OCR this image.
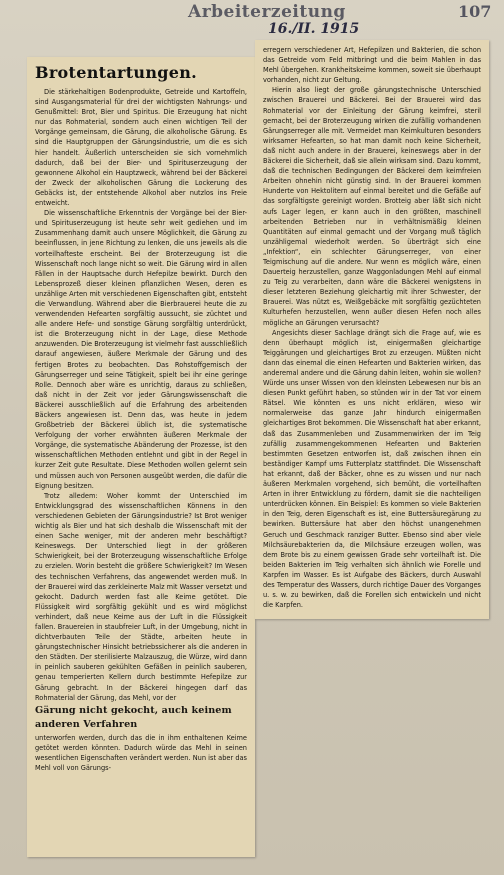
Arbeiterzeitung	107
16./II. 1915
Brotentartungen.

Die stärkehaltigen Bodenprodukte, Getreide und Kartoffeln, sind Ausgangsmaterial für drei der wichtigsten Nahrungs- und Genußmittel: Brot, Bier und Spiritus. Die Erzeugung hat nicht nur das Rohmaterial, sondern auch einen wichtigen Teil der Vorgänge gemeinsam, die Gärung, die alkoholische Gärung. Es sind die Hauptgruppen der Gärungsindustrie, um die es sich hier handelt. Äußerlich unterscheiden sie sich vornehmlich dadurch, daß bei der Bier- und Spirituserzeugung der gewonnene Alkohol ein Hauptzweck, während bei der Bäckerei der Zweck der alkoholischen Gärung die Lockerung des Gebäcks ist, der entstehende Alkohol aber nutzlos ins Freie entweicht.

Die wissenschaftliche Erkenntnis der Vorgänge bei der Bier- und Spirituserzeugung ist heute sehr weit gediehen und im Zusammenhang damit auch unsere Möglichkeit, die Gärung zu beeinflussen, in jene Richtung zu lenken, die uns jeweils als die vorteilhafteste erscheint. Bei der Broterzeugung ist die Wissenschaft noch lange nicht so weit. Die Gärung wird in allen Fällen in der Hauptsache durch Hefepilze bewirkt. Durch den Lebensprozeß dieser kleinen pflanzlichen Wesen, deren es unzählige Arten mit verschiedenen Eigenschaften gibt, entsteht die Verwandlung. Während aber die Bierbrauerei heute die zu verwendenden Hefearten sorgfältig aussucht, sie züchtet und alle andere Hefe- und sonstige Gärung sorgfältig unterdrückt, ist die Broterzeugung nicht in der Lage, diese Methode anzuwenden. Die Broterzeugung ist vielmehr fast ausschließlich darauf angewiesen, äußere Merkmale der Gärung und des fertigen Brotes zu beobachten. Das Rohstoffgemisch der Gärungserreger und seine Tätigkeit, spielt bei ihr eine geringe Rolle. Dennoch aber wäre es unrichtig, daraus zu schließen, daß nicht in der Zeit vor jeder Gärungswissenschaft die Bäckerei ausschließlich auf die Erfahrung des arbeitenden Bäckers angewiesen ist. Denn das, was heute in jedem Großbetrieb der Bäckerei üblich ist, die systematische Verfolgung der vorher erwähnten äußeren Merkmale der Vorgänge, die systematische Abänderung der Prozesse, ist den wissenschaftlichen Methoden entlehnt und gibt in der Regel in kurzer Zeit gute Resultate. Diese Methoden wollen gelernt sein und müssen auch von Personen ausgeübt werden, die dafür die Eignung besitzen.

Trotz alledem: Woher kommt der Unterschied im Entwicklungsgrad des wissenschaftlichen Könnens in den verschiedenen Gebieten der Gärungsindustrie? Ist Brot weniger wichtig als Bier und hat sich deshalb die Wissenschaft mit der einen Sache weniger, mit der anderen mehr beschäftigt? Keineswegs. Der Unterschied liegt in der größeren Schwierigkeit, bei der Broterzeugung wissenschaftliche Erfolge zu erzielen. Worin besteht die größere Schwierigkeit? Im Wesen des technischen Verfahrens, das angewendet werden muß. In der Brauerei wird das zerkleinerte Malz mit Wasser versetzt und gekocht. Dadurch werden fast alle Keime getötet. Die Flüssigkeit wird sorgfältig gekühlt und es wird möglichst verhindert, daß neue Keime aus der Luft in die Flüssigkeit fallen. Brauereien in staubfreier Luft, in der Umgebung, nicht in dichtverbauten Teile der Städte, arbeiten heute in gärungstechnischer Hinsicht betriebssicherer als die anderen in den Städten. Der sterilisierte Malzauszug, die Würze, wird dann in peinlich sauberen gekühlten Gefäßen in peinlich sauberen, genau temperierten Kellern durch bestimmte Hefepilze zur Gärung gebracht. In der Bäckerei hingegen darf das Rohmaterial der Gärung, das Mehl, vor der

Gärung nicht gekocht, auch keinem anderen Verfahren

unterworfen werden, durch das die in ihm enthaltenen Keime getötet werden könnten. Dadurch würde das Mehl in seinen wesentlichen Eigenschaften verändert werden. Nun ist aber das Mehl voll von Gärungs-

erregern verschiedener Art, Hefepilzen und Bakterien, die schon das Getreide vom Feld mitbringt und die beim Mahlen in das Mehl übergehen. Krankheitskeime kommen, soweit sie überhaupt vorhanden, nicht zur Geltung.

Hierin also liegt der große gärungstechnische Unterschied zwischen Brauerei und Bäckerei. Bei der Brauerei wird das Rohmaterial vor der Einleitung der Gärung keimfrei, steril gemacht, bei der Broterzeugung wirken die zufällig vorhandenen Gärungserreger alle mit. Vermeidet man Keimkulturen besonders wirksamer Hefearten, so hat man damit noch keine Sicherheit, daß nicht auch andere in der Brauerei, keineswegs aber in der Bäckerei die Sicherheit, daß sie allein wirksam sind. Dazu kommt, daß die technischen Bedingungen der Bäckerei dem keimfreien Arbeiten ohnehin nicht günstig sind. In der Brauerei kommen Hunderte von Hektolitern auf einmal bereitet und die Gefäße auf das sorgfältigste gereinigt worden. Brotteig aber läßt sich nicht aufs Lager legen, er kann auch in den größten, maschinell arbeitenden Betrieben nur in verhältnismäßig kleinen Quantitäten auf einmal gemacht und der Vorgang muß täglich unzähligemal wiederholt werden. So überträgt sich eine „Infektion“, ein schlechter Gärungserreger, von einer Teigmischung auf die andere. Nur wenn es möglich wäre, einen Dauerteig herzustellen, ganze Waggonladungen Mehl auf einmal zu Teig zu verarbeiten, dann wäre die Bäckerei wenigstens in dieser letzteren Beziehung gleichartig mit ihrer Schwester, der Brauerei. Was nützt es, Weißgebäcke mit sorgfältig gezüchteten Kulturhefen herzustellen, wenn außer diesen Hefen noch alles mögliche an Gärungen verursacht?

Angesichts dieser Sachlage drängt sich die Frage auf, wie es denn überhaupt möglich ist, einigermaßen gleichartige Teiggärungen und gleichartiges Brot zu erzeugen. Müßten nicht dann das einemal die einen Hefearten und Bakterien wirken, das anderemal andere und die Gärung dahin leiten, wohin sie wollen? Würde uns unser Wissen von den kleinsten Lebewesen nur bis an diesen Punkt geführt haben, so stünden wir in der Tat vor einem Rätsel. Wie könnten es uns nicht erklären, wieso wir normalerweise das ganze Jahr hindurch einigermaßen gleichartiges Brot bekommen. Die Wissenschaft hat aber erkannt, daß das Zusammenleben und Zusammenwirken der im Teig zufällig zusammengekommenen Hefearten und Bakterien bestimmten Gesetzen entworfen ist, daß zwischen ihnen ein beständiger Kampf ums Futterplatz stattfindet. Die Wissenschaft hat erkannt, daß der Bäcker, ohne es zu wissen und nur nach äußeren Merkmalen vorgehend, sich bemüht, die vorteilhaften Arten in ihrer Entwicklung zu fördern, damit sie die nachteiligen unterdrücken können. Ein Beispiel: Es kommen so viele Bakterien in den Teig, deren Eigenschaft es ist, eine Buttersäuregärung zu bewirken. Buttersäure hat aber den höchst unangenehmen Geruch und Geschmack ranziger Butter. Ebenso sind aber viele Milchsäurebakterien da, die Milchsäure erzeugen wollen, was dem Brote bis zu einem gewissen Grade sehr vorteilhaft ist. Die beiden Bakterien im Teig verhalten sich ähnlich wie Forelle und Karpfen im Wasser. Es ist Aufgabe des Bäckers, durch Auswahl des Temperatur des Wassers, durch richtige Dauer des Vorganges u. s. w. zu bewirken, daß die Forellen sich entwickeln und nicht die Karpfen.
